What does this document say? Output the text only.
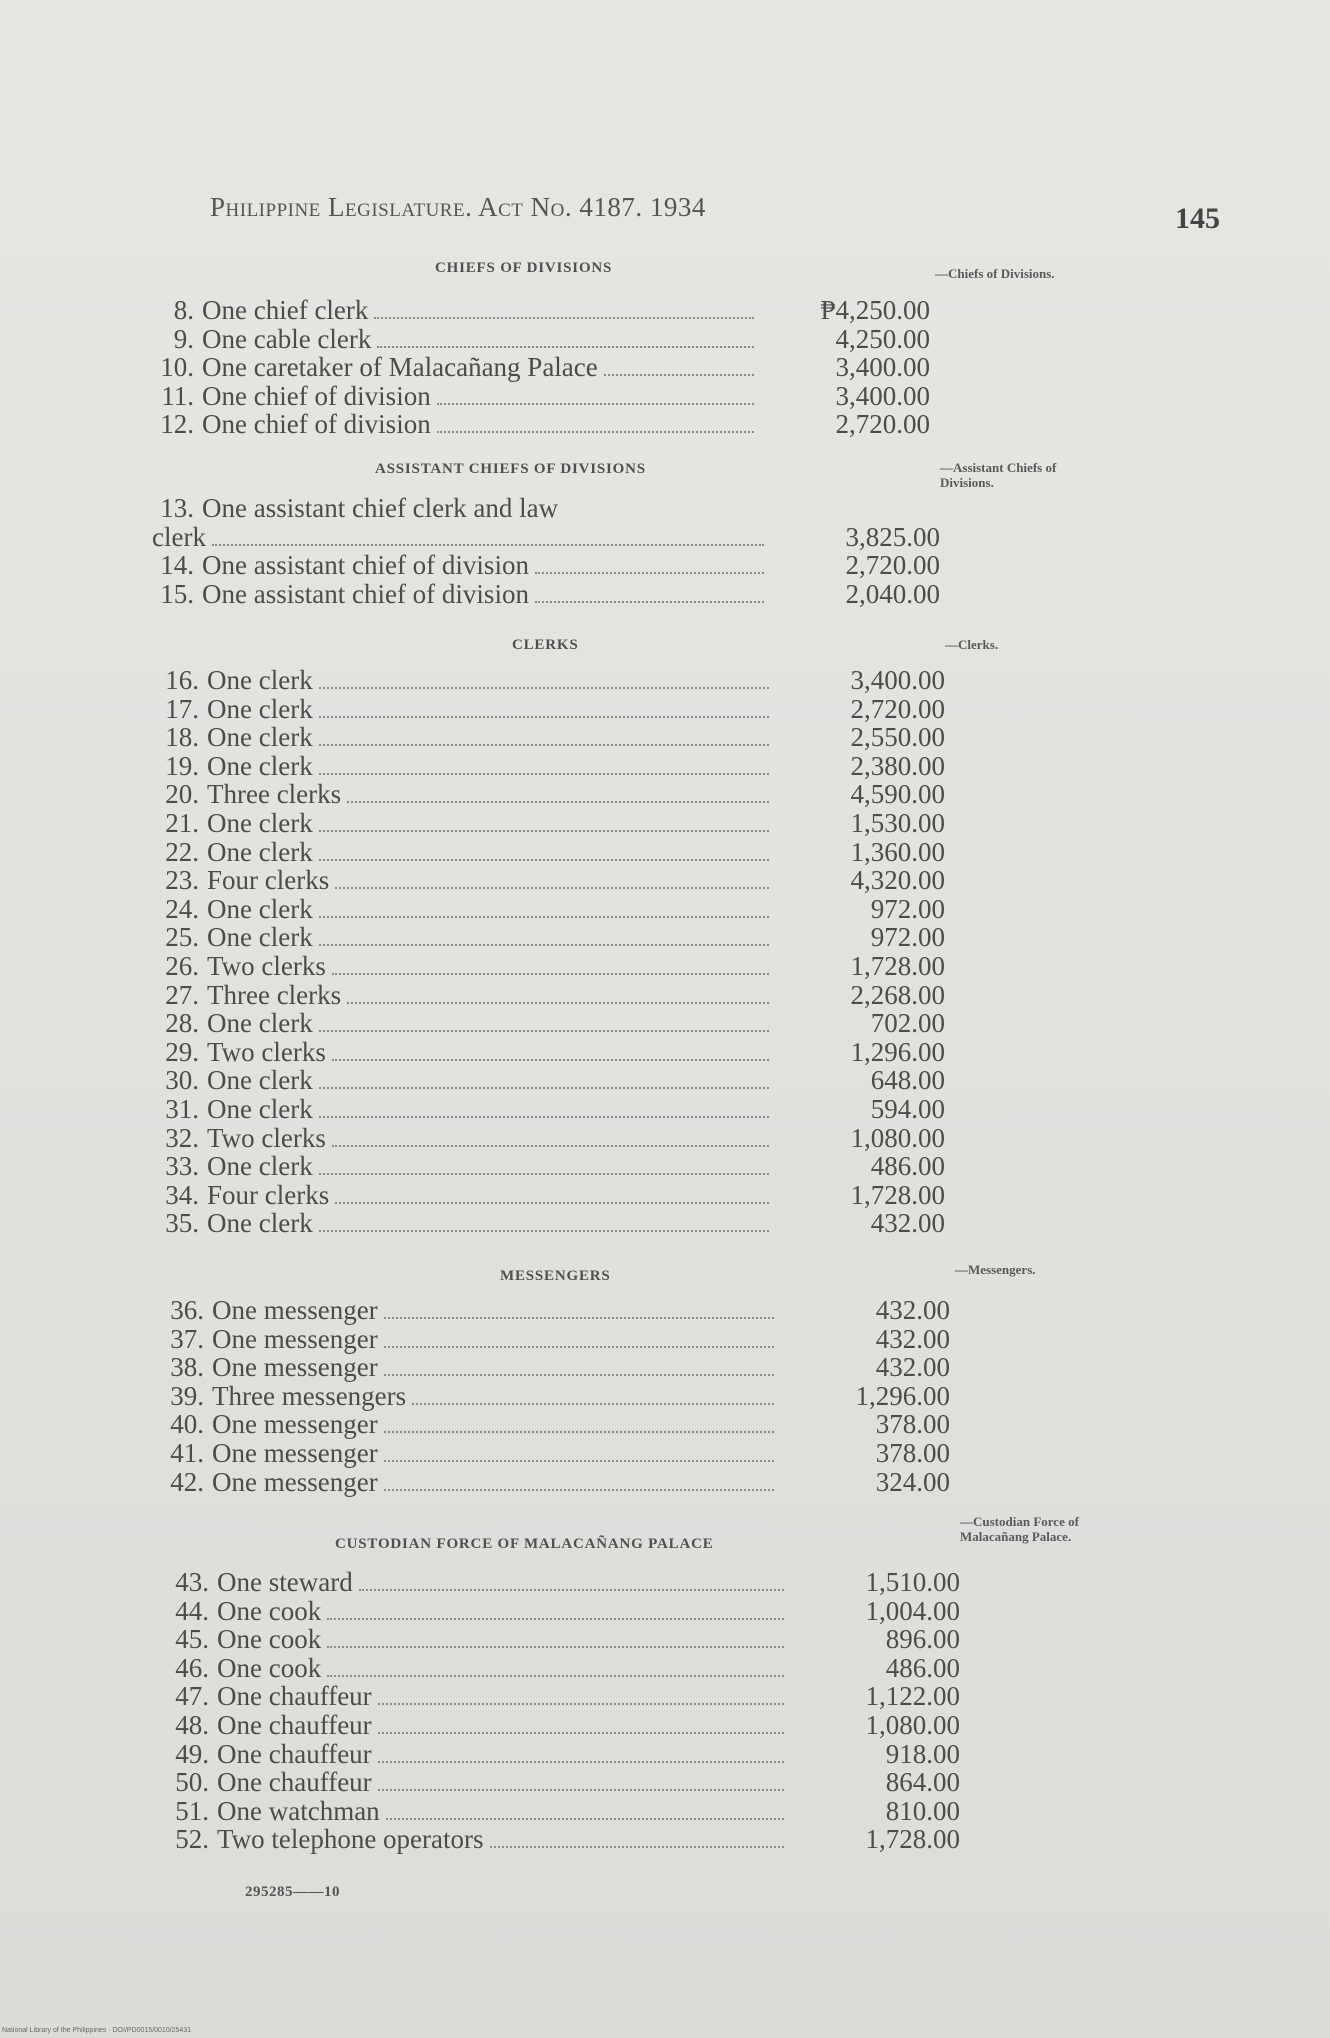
Philippine Legislature. Act No. 4187. 1934	145
CHIEFS OF DIVISIONS	—Chiefs of Divisions.
8. One chief clerk	₱4,250.00
9. One cable clerk	4,250.00
10. One caretaker of Malacañang Palace	3,400.00
11. One chief of division	3,400.00
12. One chief of division	2,720.00
ASSISTANT CHIEFS OF DIVISIONS	—Assistant Chiefs of
Divisions.
13. One assistant chief clerk and law
clerk	3,825.00
14. One assistant chief of division	2,720.00
15. One assistant chief of division	2,040.00
CLERKS	—Clerks.
16. One clerk	3,400.00
17. One clerk	2,720.00
18. One clerk	2,550.00
19. One clerk	2,380.00
20. Three clerks	4,590.00
21. One clerk	1,530.00
22. One clerk	1,360.00
23. Four clerks	4,320.00
24. One clerk	972.00
25. One clerk	972.00
26. Two clerks	1,728.00
27. Three clerks	2,268.00
28. One clerk	702.00
29. Two clerks	1,296.00
30. One clerk	648.00
31. One clerk	594.00
32. Two clerks	1,080.00
33. One clerk	486.00
34. Four clerks	1,728.00
35. One clerk	432.00
MESSENGERS	—Messengers.
36. One messenger	432.00
37. One messenger	432.00
38. One messenger	432.00
39. Three messengers	1,296.00
40. One messenger	378.00
41. One messenger	378.00
42. One messenger	324.00
CUSTODIAN FORCE OF MALACAÑANG PALACE
—Custodian Force of
Malacañang Palace.
43. One steward	1,510.00
44. One cook	1,004.00
45. One cook	896.00
46. One cook	486.00
47. One chauffeur	1,122.00
48. One chauffeur	1,080.00
49. One chauffeur	918.00
50. One chauffeur	864.00
51. One watchman	810.00
52. Two telephone operators	1,728.00
295285——10
National Library of the Philippines · DOI/PD0015/0010/25431
